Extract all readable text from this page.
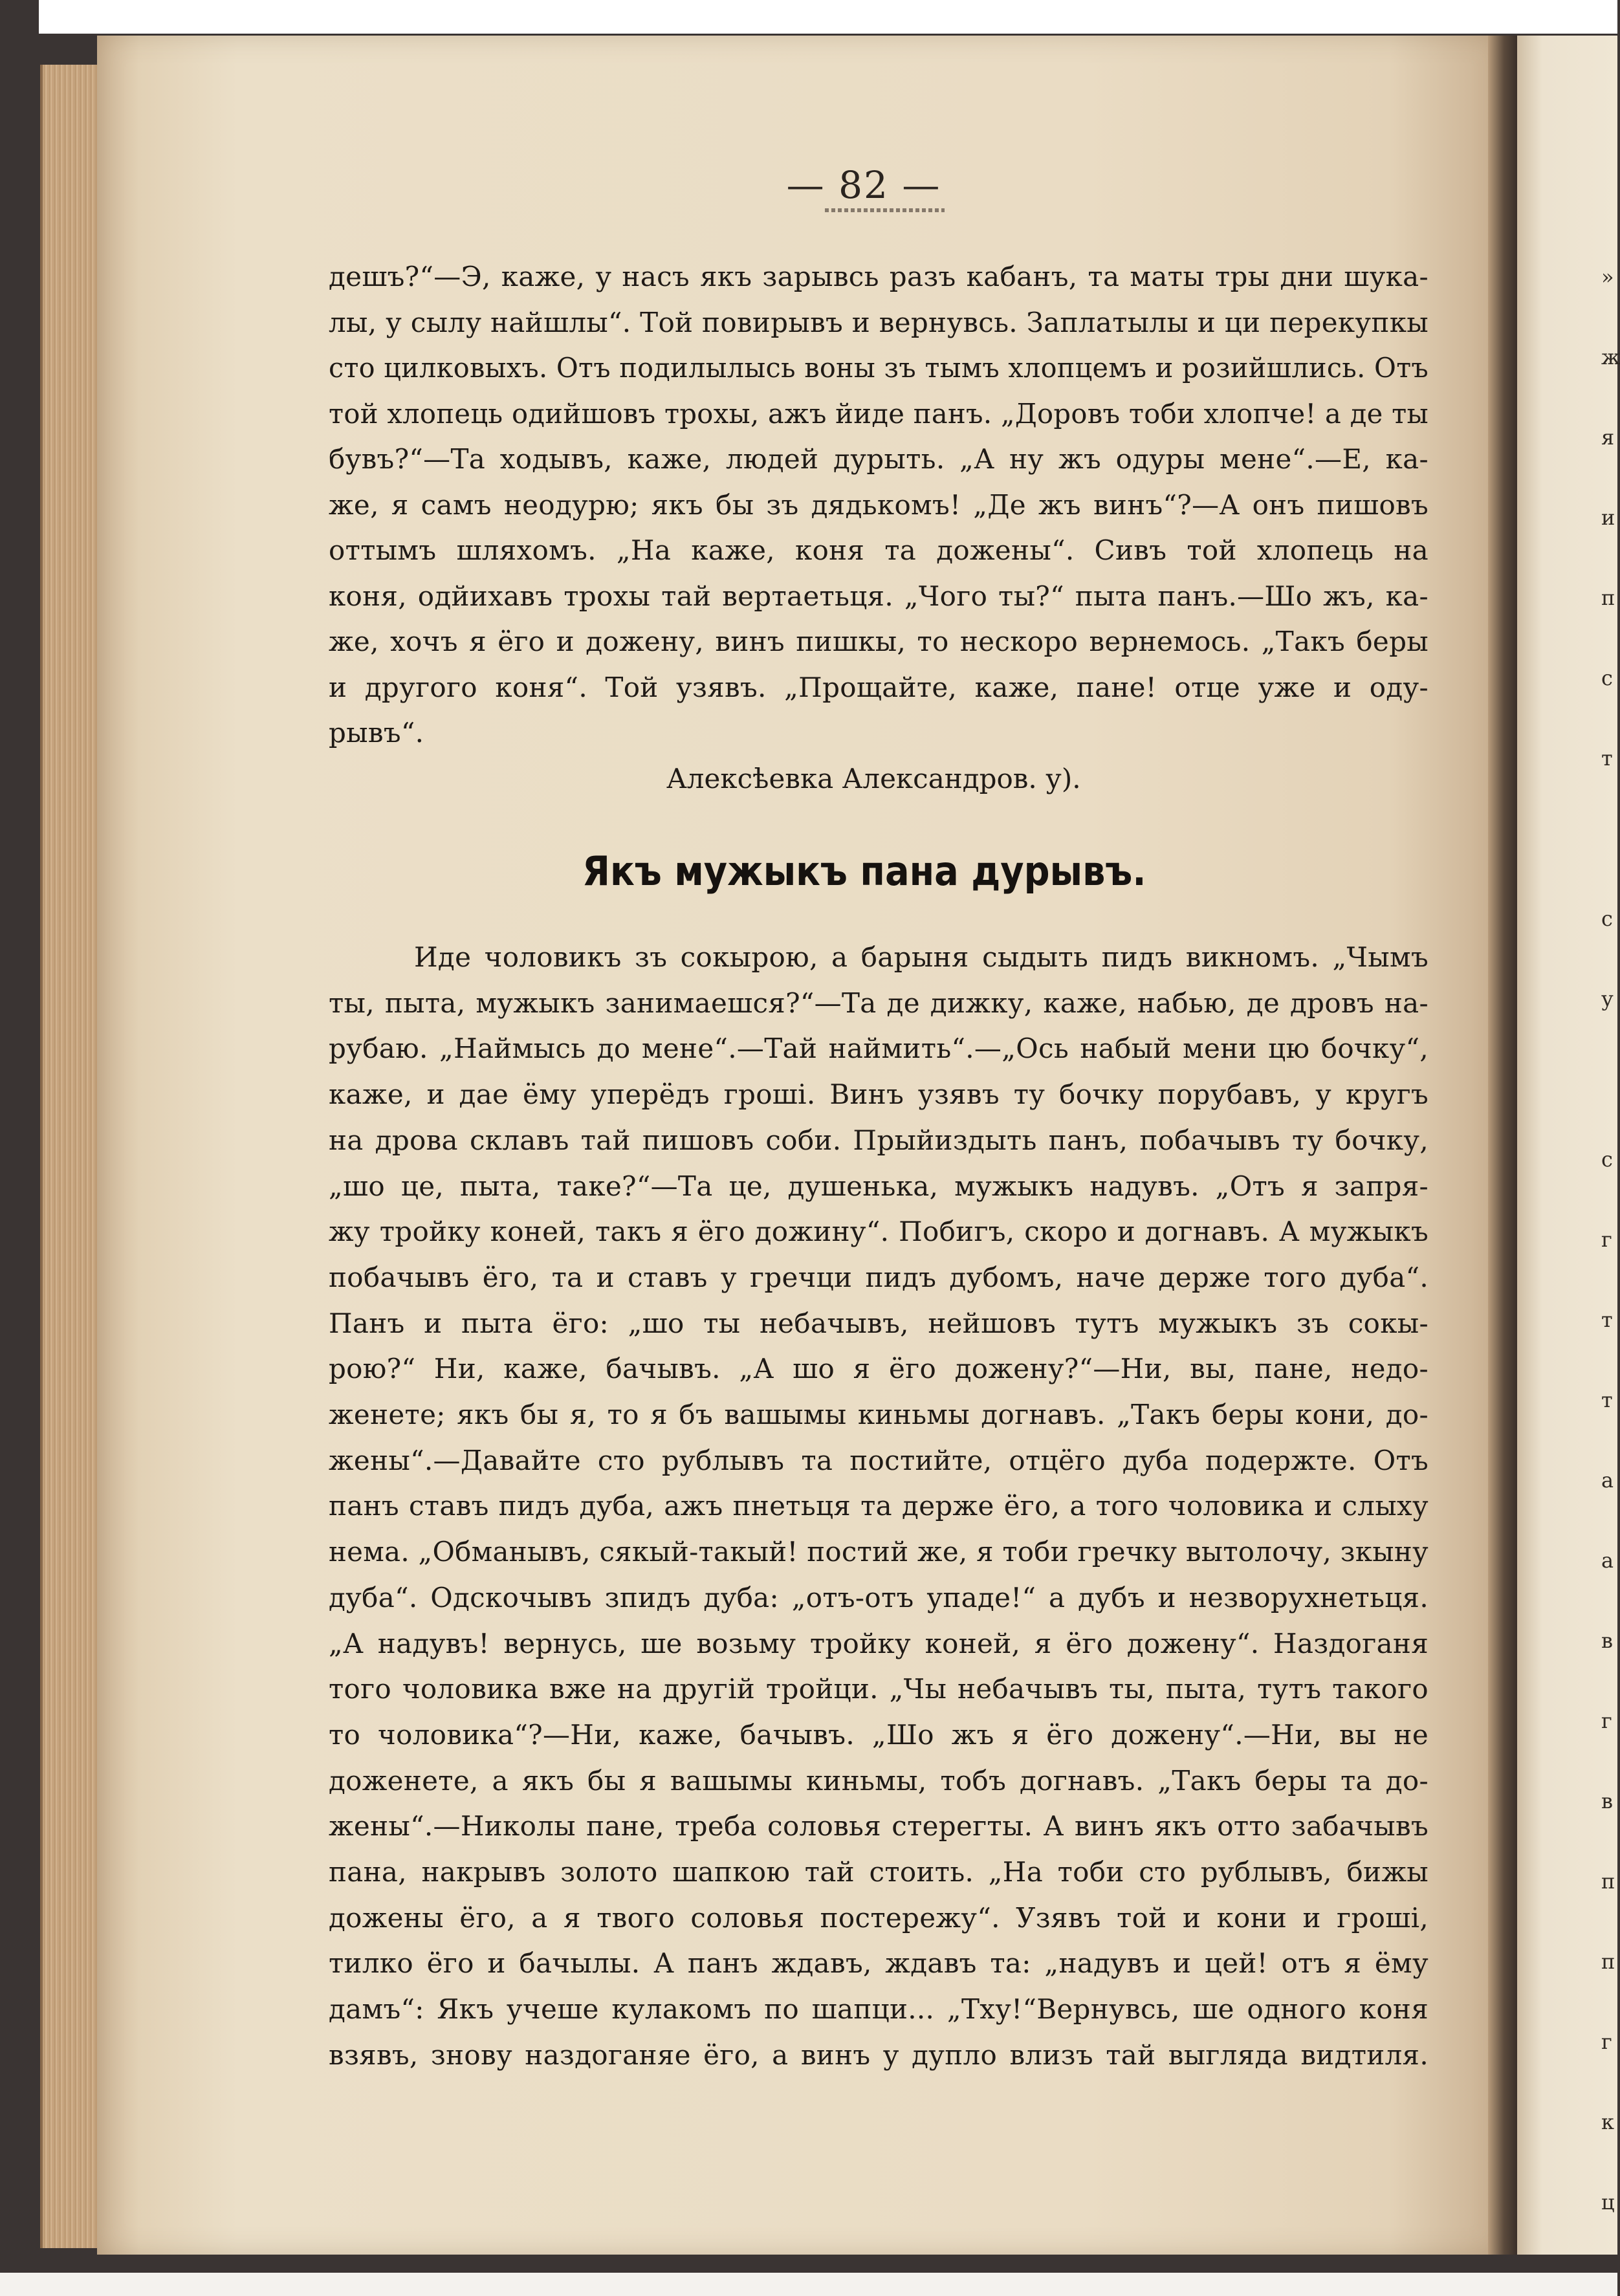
»
ж
я
и
п
с
т
с
у
с
г
т
т
а
а
в
г
в
п
п
г
к
ц
— 82 —
дешъ?“—Э, каже, у насъ якъ зарывсь разъ кабанъ, та маты тры дни шука-
лы, у сылу найшлы“. Той повирывъ и вернувсь. Заплатылы и ци перекупкы
сто цилковыхъ. Отъ подилылысь воны зъ тымъ хлопцемъ и розийшлись. Отъ
той хлопець одийшовъ трохы, ажъ йиде панъ. „Доровъ тоби хлопче! а де ты
бувъ?“—Та ходывъ, каже, людей дурыть. „А ну жъ одуры мене“.—Е, ка-
же, я самъ неодурю; якъ бы зъ дядькомъ! „Де жъ винъ“?—А онъ пишовъ
оттымъ шляхомъ. „На каже, коня та дожены“. Сивъ той хлопець на
коня, одйихавъ трохы тай вертаетьця. „Чого ты?“ пыта панъ.—Шо жъ, ка-
же, хочъ я ёго и дожену, винъ пишкы, то нескоро вернемось. „Такъ беры
и другого коня“. Той узявъ. „Прощайте, каже, пане! отце уже и оду-
рывъ“.
Алексѣевка Александров. у).
Якъ мужыкъ пана дурывъ.
Иде чоловикъ зъ сокырою, а барыня сыдыть пидъ викномъ. „Чымъ
ты, пыта, мужыкъ занимаешся?“—Та де дижку, каже, набью, де дровъ на-
рубаю. „Наймысь до мене“.—Тай наймить“.—„Ось набый мени цю бочку“,
каже, и дае ёму уперёдъ грошi. Винъ узявъ ту бочку порубавъ, у кругъ
на дрова склавъ тай пишовъ соби. Прыйиздыть панъ, побачывъ ту бочку,
„шо це, пыта, таке?“—Та це, душенька, мужыкъ надувъ. „Отъ я запря-
жу тройку коней, такъ я ёго дожину“. Побигъ, скоро и догнавъ. А мужыкъ
побачывъ ёго, та и ставъ у гречци пидъ дубомъ, наче держе того дуба“.
Панъ и пыта ёго: „шо ты небачывъ, нейшовъ тутъ мужыкъ зъ сокы-
рою?“ Ни, каже, бачывъ. „А шо я ёго дожену?“—Ни, вы, пане, недо-
женете; якъ бы я, то я бъ вашымы киньмы догнавъ. „Такъ беры кони, до-
жены“.—Давайте сто рублывъ та постийте, отцёго дуба подержте. Отъ
панъ ставъ пидъ дуба, ажъ пнетьця та держе ёго, а того чоловика и слыху
нема. „Обманывъ, сякый-такый! постий же, я тоби гречку вытолочу, зкыну
дуба“. Одскочывъ зпидъ дуба: „отъ-отъ упаде!“ а дубъ и незворухнетьця.
„А надувъ! вернусь, ше возьму тройку коней, я ёго дожену“. Наздоганя
того чоловика вже на другiй тройци. „Чы небачывъ ты, пыта, тутъ такого
то чоловика“?—Ни, каже, бачывъ. „Шо жъ я ёго дожену“.—Ни, вы не
доженете, а якъ бы я вашымы киньмы, тобъ догнавъ. „Такъ беры та до-
жены“.—Николы пане, треба соловья стерегты. А винъ якъ отто забачывъ
пана, накрывъ золото шапкою тай стоить. „На тоби сто рублывъ, бижы
дожены ёго, а я твого соловья постережу“. Узявъ той и кони и грошi,
тилко ёго и бачылы. А панъ ждавъ, ждавъ та: „надувъ и цей! отъ я ёму
дамъ“: Якъ учеше кулакомъ по шапци... „Тху!“Вернувсь, ше одного коня
взявъ, знову наздоганяе ёго, а винъ у дупло влизъ тай выгляда видтиля.
